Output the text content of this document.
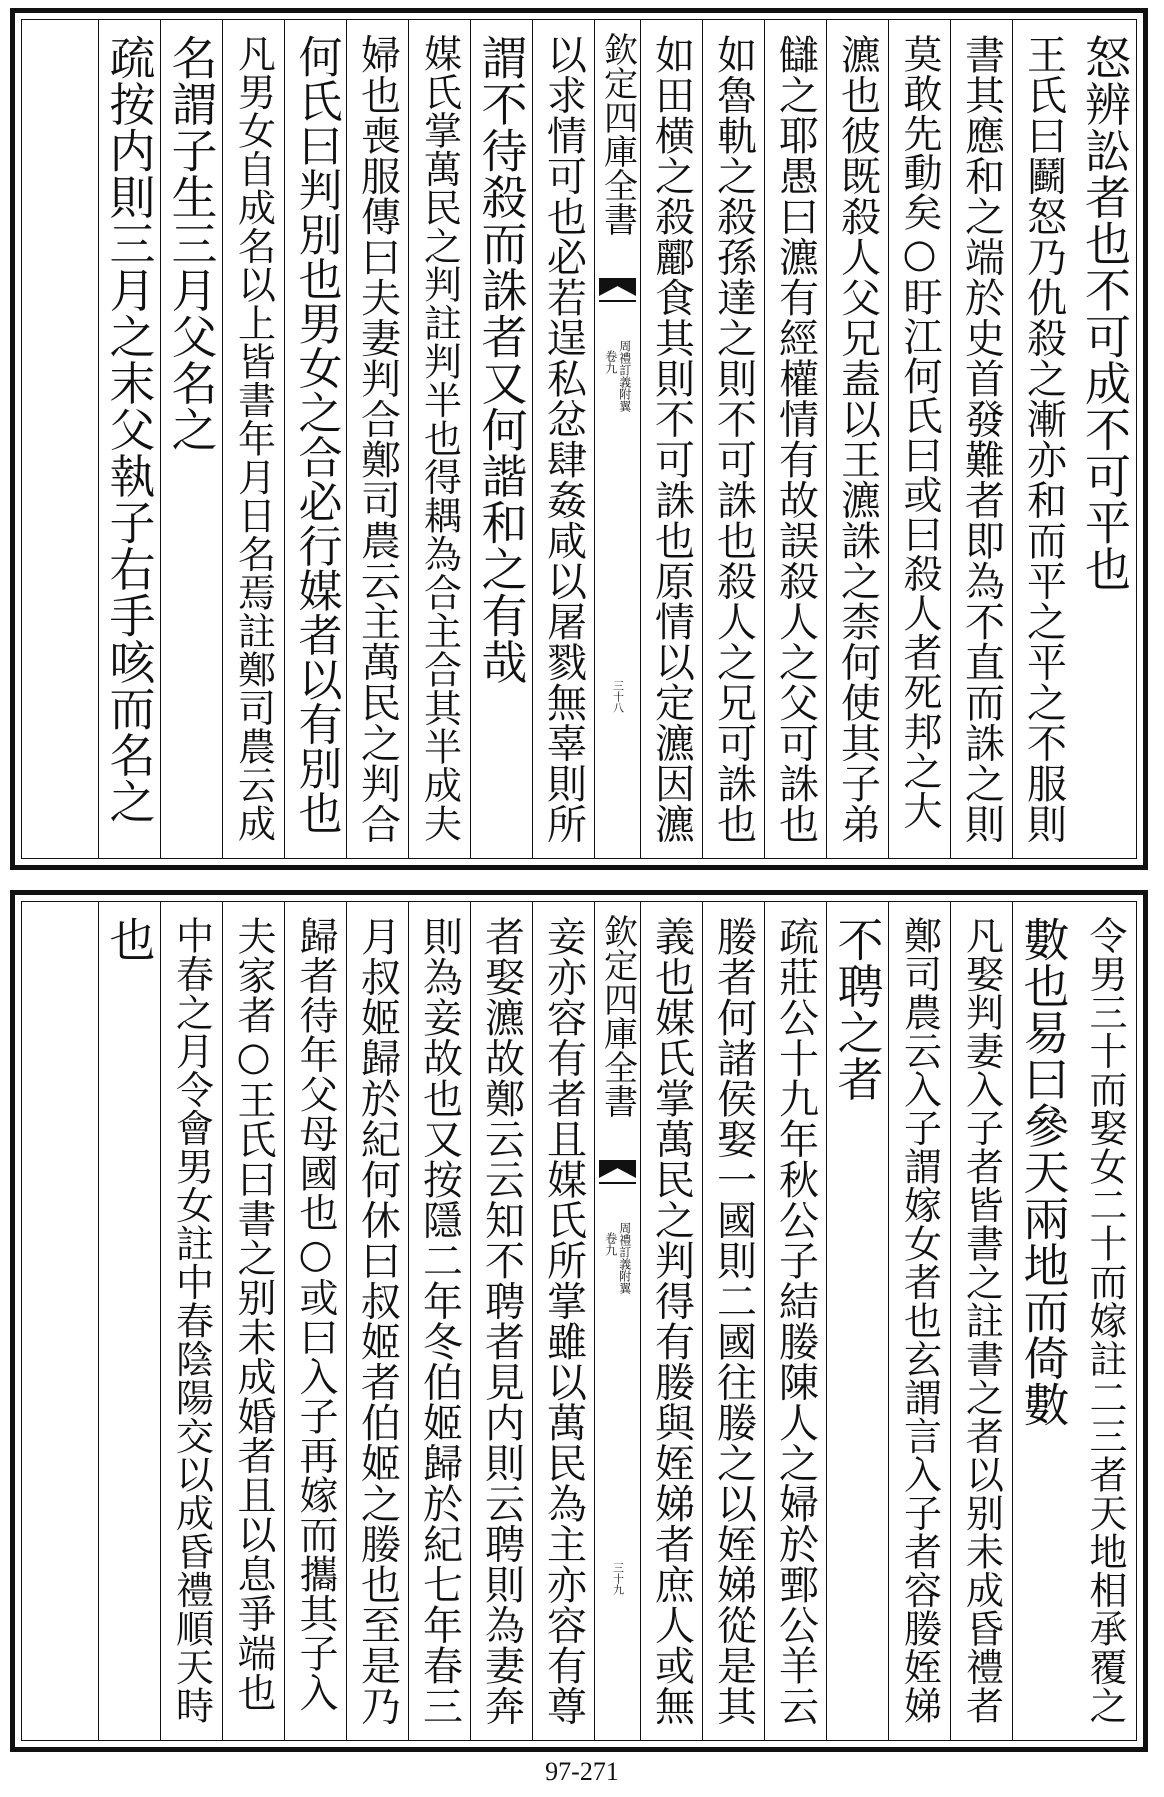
怒辨訟者也不可成不可平也
王氏曰鬬怒乃仇殺之漸亦和而平之平之不服則
書其應和之端於史首發難者即為不直而誅之則
莫敢先動矣○盱江何氏曰或曰殺人者死邦之大
瀌也彼既殺人父兄盍以王瀌誅之柰何使其子弟
讎之耶愚曰瀌有經權情有故誤殺人之父可誅也
如魯軌之殺孫達之則不可誅也殺人之兄可誅也
如田横之殺酈食其則不可誅也原情以定瀌因瀌
欽定四庫全書
周禮訂義附翼
卷九
三十八
以求情可也必若逞私忿肆姦咸以屠戮無辜則所
謂不待殺而誅者又何諧和之有哉
媒氏掌萬民之判註判半也得耦為合主合其半成夫
婦也喪服傳曰夫妻判合鄭司農云主萬民之判合
何氏曰判別也男女之合必行媒者以有別也
凡男女自成名以上皆書年月日名焉註鄭司農云成
名謂子生三月父名之
疏按内則三月之末父執子右手咳而名之
令男三十而娶女二十而嫁註二三者天地相承覆之
數也易曰參天兩地而倚數
凡娶判妻入子者皆書之註書之者以别未成昏禮者
鄭司農云入子謂嫁女者也玄謂言入子者容媵姪娣
不聘之者
疏莊公十九年秋公子結媵陳人之婦於鄄公羊云
媵者何諸侯娶一國則二國往媵之以姪娣從是其
義也媒氏掌萬民之判得有媵與姪娣者庶人或無
欽定四庫全書
周禮訂義附翼
卷九
三十九
妾亦容有者且媒氏所掌雖以萬民為主亦容有尊
者娶瀌故鄭云云知不聘者見内則云聘則為妻奔
則為妾故也又按隱二年冬伯姬歸於紀七年春三
月叔姬歸於紀何休曰叔姬者伯姬之媵也至是乃
歸者待年父母國也○或曰入子再嫁而攜其子入
夫家者○王氏曰書之别未成婚者且以息爭端也
中春之月令會男女註中春陰陽交以成昏禮順天時
也
97-271
